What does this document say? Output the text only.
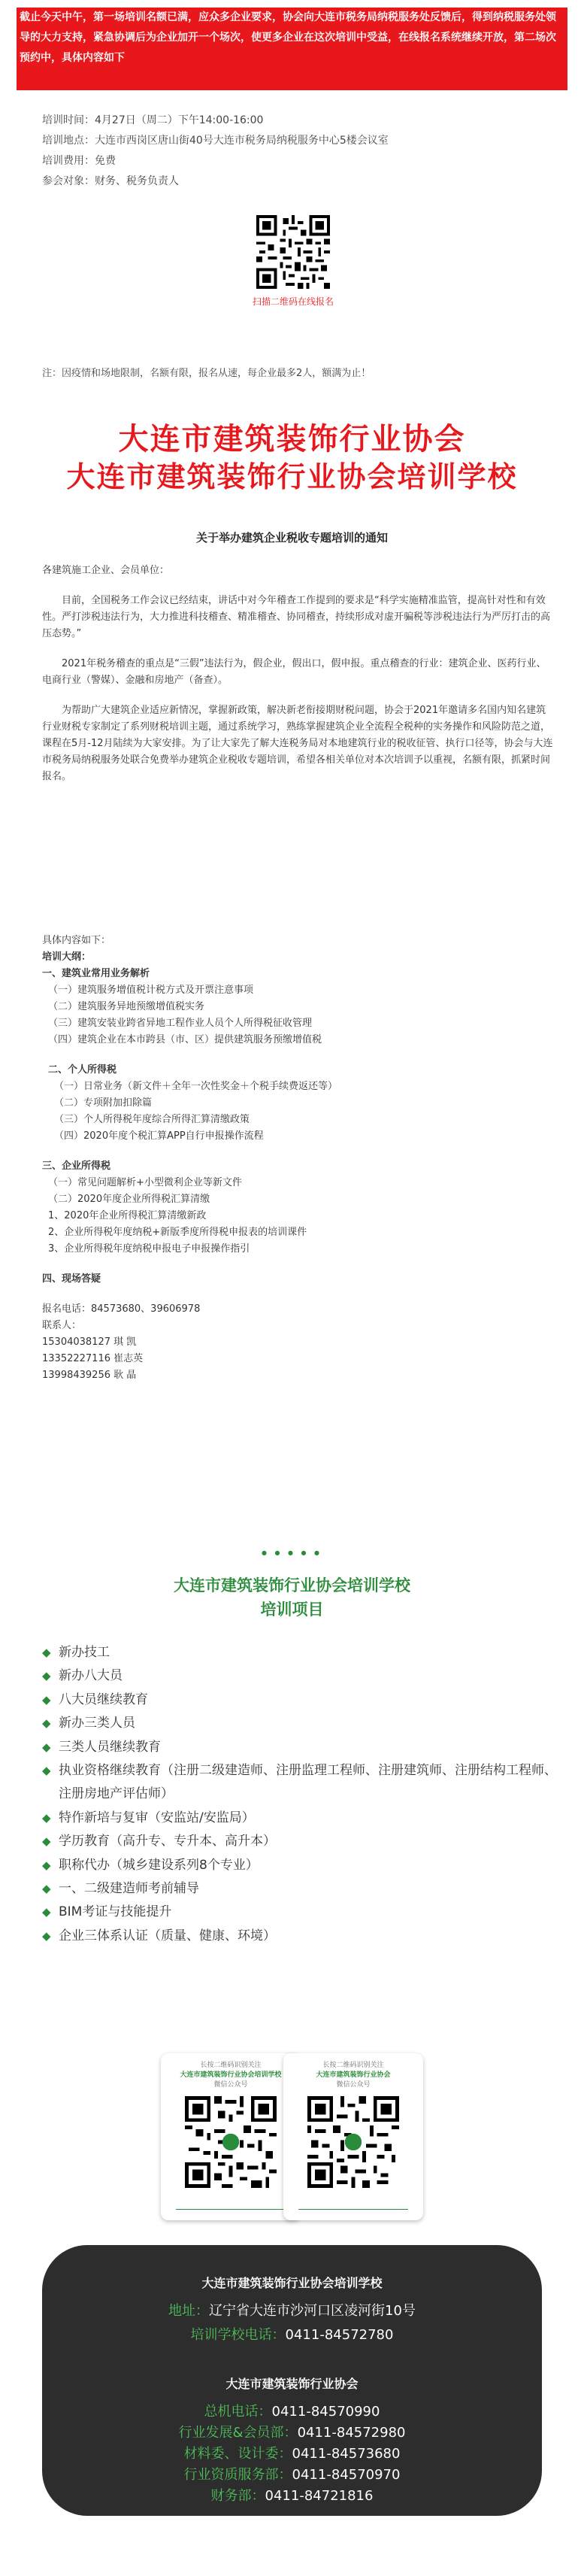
截止今天中午，第一场培训名额已满，应众多企业要求，协会向大连市税务局纳税服务处反馈后，得到纳税服务处领导的大力支持，紧急协调后为企业加开一个场次，使更多企业在这次培训中受益，在线报名系统继续开放，第二场次预约中，具体内容如下
培训时间：4月27日（周二）下午14:00-16:00
培训地点：大连市西岗区唐山街40号大连市税务局纳税服务中心5楼会议室
培训费用：免费
参会对象：财务、税务负责人
扫描二维码在线报名
注：因疫情和场地限制，名额有限，报名从速，每企业最多2人，额满为止！
大连市建筑装饰行业协会
大连市建筑装饰行业协会培训学校
关于举办建筑企业税收专题培训的通知

各建筑施工企业、会员单位：

目前，全国税务工作会议已经结束，讲话中对今年稽查工作提到的要求是“科学实施精准监管，提高针对性和有效性。严打涉税违法行为，大力推进科技稽查、精准稽查、协同稽查，持续形成对虚开骗税等涉税违法行为严厉打击的高压态势。”

2021年税务稽查的重点是“三假”违法行为，假企业，假出口，假申报。重点稽查的行业：建筑企业、医药行业、电商行业（警媒）、金融和房地产（备查）。

为帮助广大建筑企业适应新情况，掌握新政策，解决新老衔接期财税问题，协会于2021年邀请多名国内知名建筑行业财税专家制定了系列财税培训主题，通过系统学习，熟练掌握建筑企业全流程全税种的实务操作和风险防范之道，课程在5月-12月陆续为大家安排。为了让大家先了解大连税务局对本地建筑行业的税收征管、执行口径等，协会与大连市税务局纳税服务处联合免费举办建筑企业税收专题培训，希望各相关单位对本次培训予以重视，名额有限，抓紧时间报名。

具体内容如下：
培训大纲：
一、建筑业常用业务解析
（一）建筑服务增值税计税方式及开票注意事项
（二）建筑服务异地预缴增值税实务
（三）建筑安装业跨省异地工程作业人员个人所得税征收管理
（四）建筑企业在本市跨县（市、区）提供建筑服务预缴增值税
二、个人所得税
（一）日常业务（新文件＋全年一次性奖金＋个税手续费返还等）
（二）专项附加扣除篇
（三）个人所得税年度综合所得汇算清缴政策
（四）2020年度个税汇算APP自行申报操作流程
三、企业所得税
（一）常见问题解析+小型微利企业等新文件
（二）2020年度企业所得税汇算清缴
1、2020年企业所得税汇算清缴新政
2、企业所得税年度纳税+新版季度所得税申报表的培训课件
3、企业所得税年度纳税申报电子申报操作指引
四、现场答疑
报名电话：84573680、39606978
联系人：
15304038127 琪 凯
13352227116 崔志英
13998439256 耿 晶
● ● ● ● ●
大连市建筑装饰行业协会培训学校
培训项目
◆ 新办技工
◆ 新办八大员
◆ 八大员继续教育
◆ 新办三类人员
◆ 三类人员继续教育
◆ 执业资格继续教育（注册二级建造师、注册监理工程师、注册建筑师、注册结构工程师、注册房地产评估师）
◆ 特作新培与复审（安监站/安监局）
◆ 学历教育（高升专、专升本、高升本）
◆ 职称代办（城乡建设系列8个专业）
◆ 一、二级建造师考前辅导
◆ BIM考证与技能提升
◆ 企业三体系认证（质量、健康、环境）
长按二维码识别关注
大连市建筑装饰行业协会培训学校
微信公众号
长按二维码识别关注
大连市建筑装饰行业协会
微信公众号
大连市建筑装饰行业协会培训学校
地址：辽宁省大连市沙河口区凌河街10号
培训学校电话：0411-84572780
大连市建筑装饰行业协会
总机电话：0411-84570990
行业发展&会员部：0411-84572980
材料委、设计委：0411-84573680
行业资质服务部：0411-84570970
财务部：0411-84721816
